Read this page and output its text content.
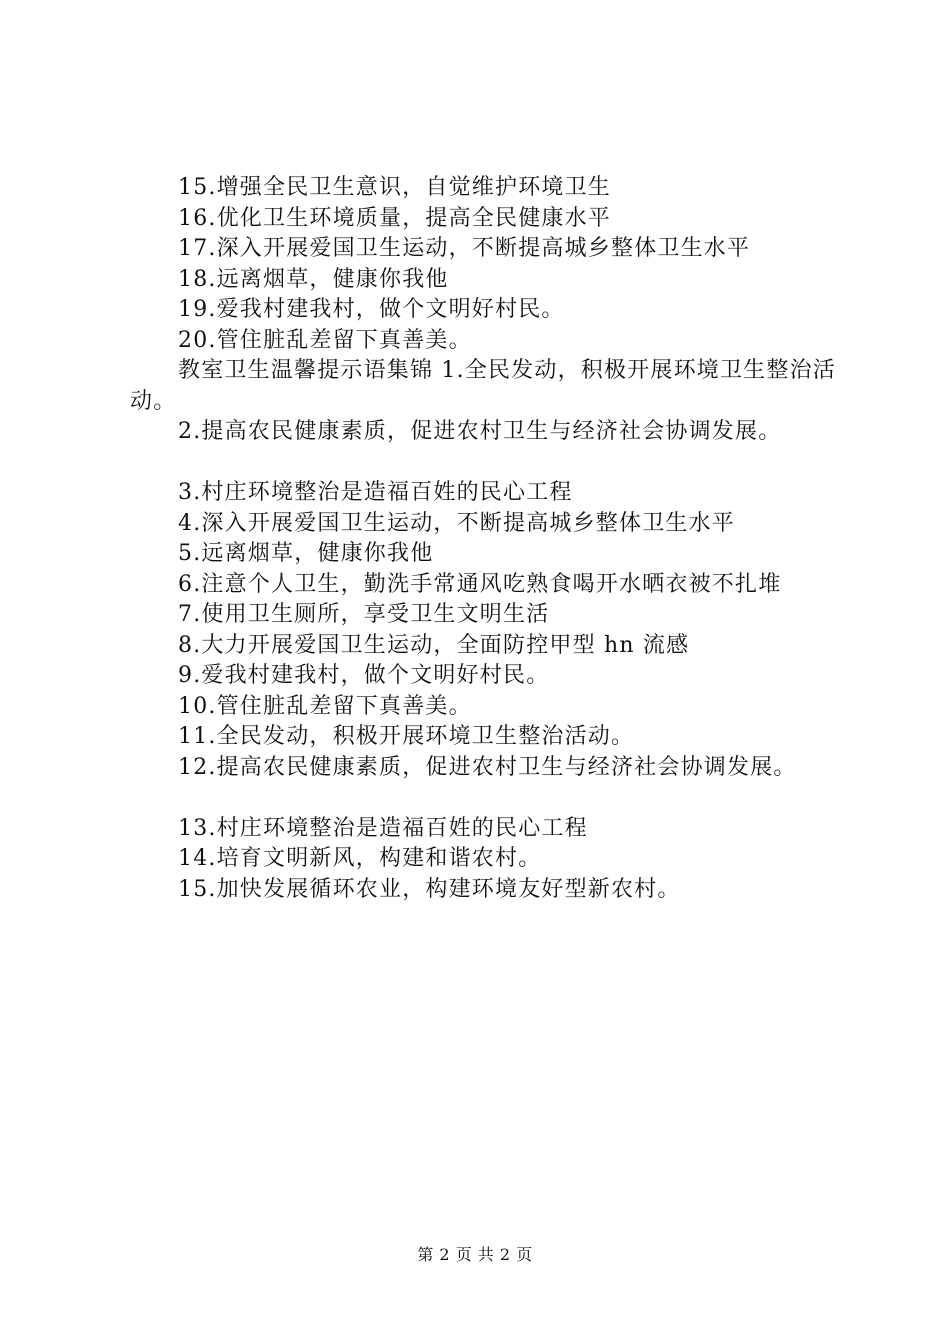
15.增强全民卫生意识，自觉维护环境卫生

16.优化卫生环境质量，提高全民健康水平

17.深入开展爱国卫生运动，不断提高城乡整体卫生水平

18.远离烟草，健康你我他

19.爱我村建我村，做个文明好村民。

20.管住脏乱差留下真善美。

教室卫生温馨提示语集锦 1.全民发动，积极开展环境卫生整治活动。

2.提高农民健康素质，促进农村卫生与经济社会协调发展。

3.村庄环境整治是造福百姓的民心工程

4.深入开展爱国卫生运动，不断提高城乡整体卫生水平

5.远离烟草，健康你我他

6.注意个人卫生，勤洗手常通风吃熟食喝开水晒衣被不扎堆

7.使用卫生厕所，享受卫生文明生活

8.大力开展爱国卫生运动，全面防控甲型 hn 流感

9.爱我村建我村，做个文明好村民。

10.管住脏乱差留下真善美。

11.全民发动，积极开展环境卫生整治活动。

12.提高农民健康素质，促进农村卫生与经济社会协调发展。

13.村庄环境整治是造福百姓的民心工程

14.培育文明新风，构建和谐农村。

15.加快发展循环农业，构建环境友好型新农村。

第 2 页 共 2 页
